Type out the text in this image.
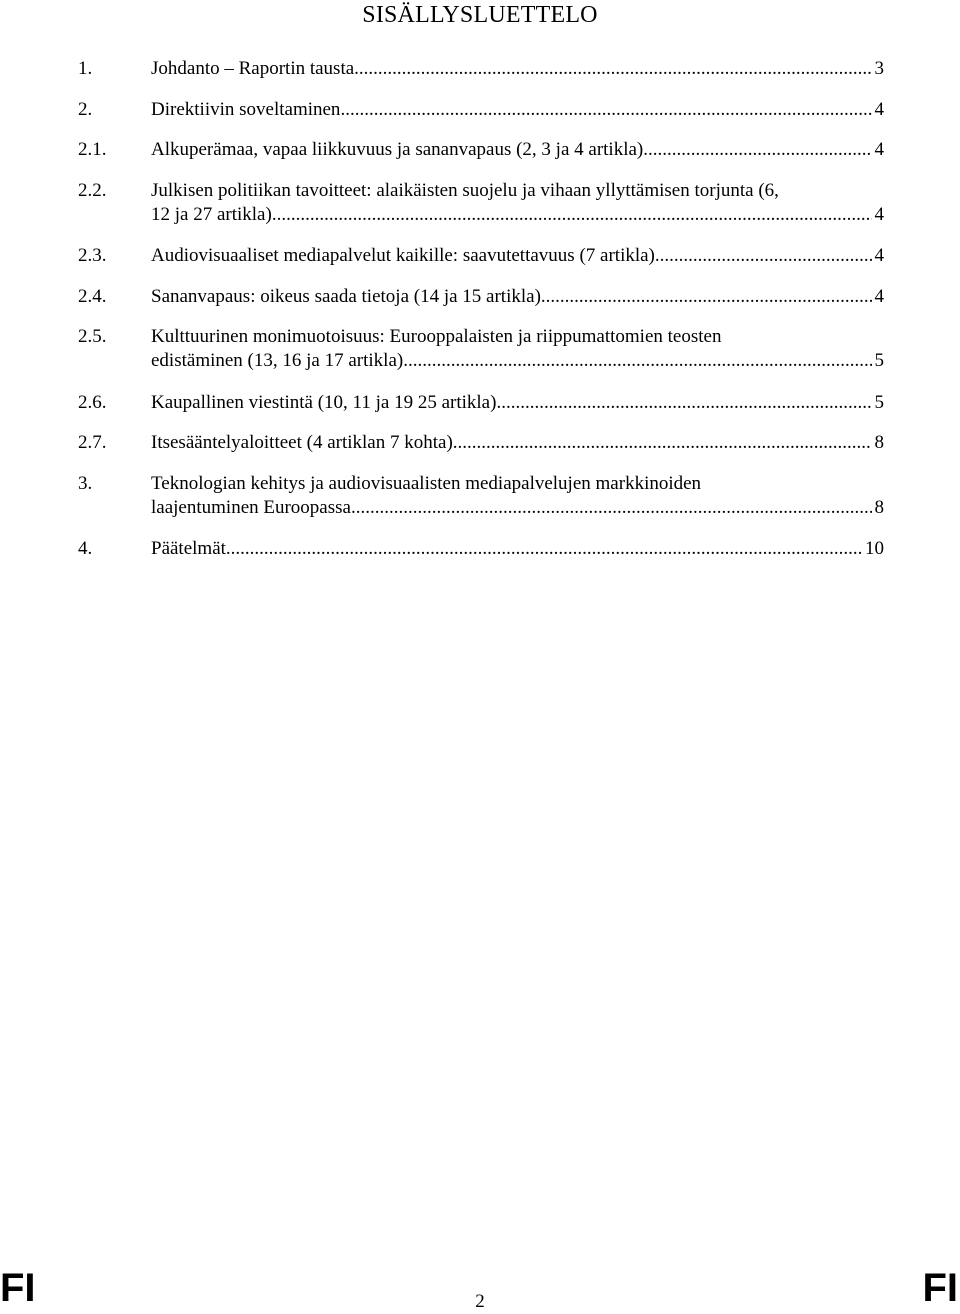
SISÄLLYSLUETTELO
1.	Johdanto – Raportin tausta .....	3
2.	Direktiivin soveltaminen .....	4
2.1.	Alkuperämaa, vapaa liikkuvuus ja sananvapaus (2, 3 ja 4 artikla) .....	4
2.2.	Julkisen politiikan tavoitteet: alaikäisten suojelu ja vihaan yllyttämisen torjunta (6,
12 ja 27 artikla) .....	4
2.3.	Audiovisuaaliset mediapalvelut kaikille: saavutettavuus (7 artikla) .....	4
2.4.	Sananvapaus: oikeus saada tietoja (14 ja 15 artikla) .....	4
2.5.	Kulttuurinen monimuotoisuus: Eurooppalaisten ja riippumattomien teosten
edistäminen (13, 16 ja 17 artikla) .....	5
2.6.	Kaupallinen viestintä (10, 11 ja 19 25 artikla) .....	5
2.7.	Itsesääntelyaloitteet (4 artiklan 7 kohta) .....	8
3.	Teknologian kehitys ja audiovisuaalisten mediapalvelujen markkinoiden
laajentuminen Euroopassa .....	8
4.	Päätelmät .....	10
FI	2	FI
